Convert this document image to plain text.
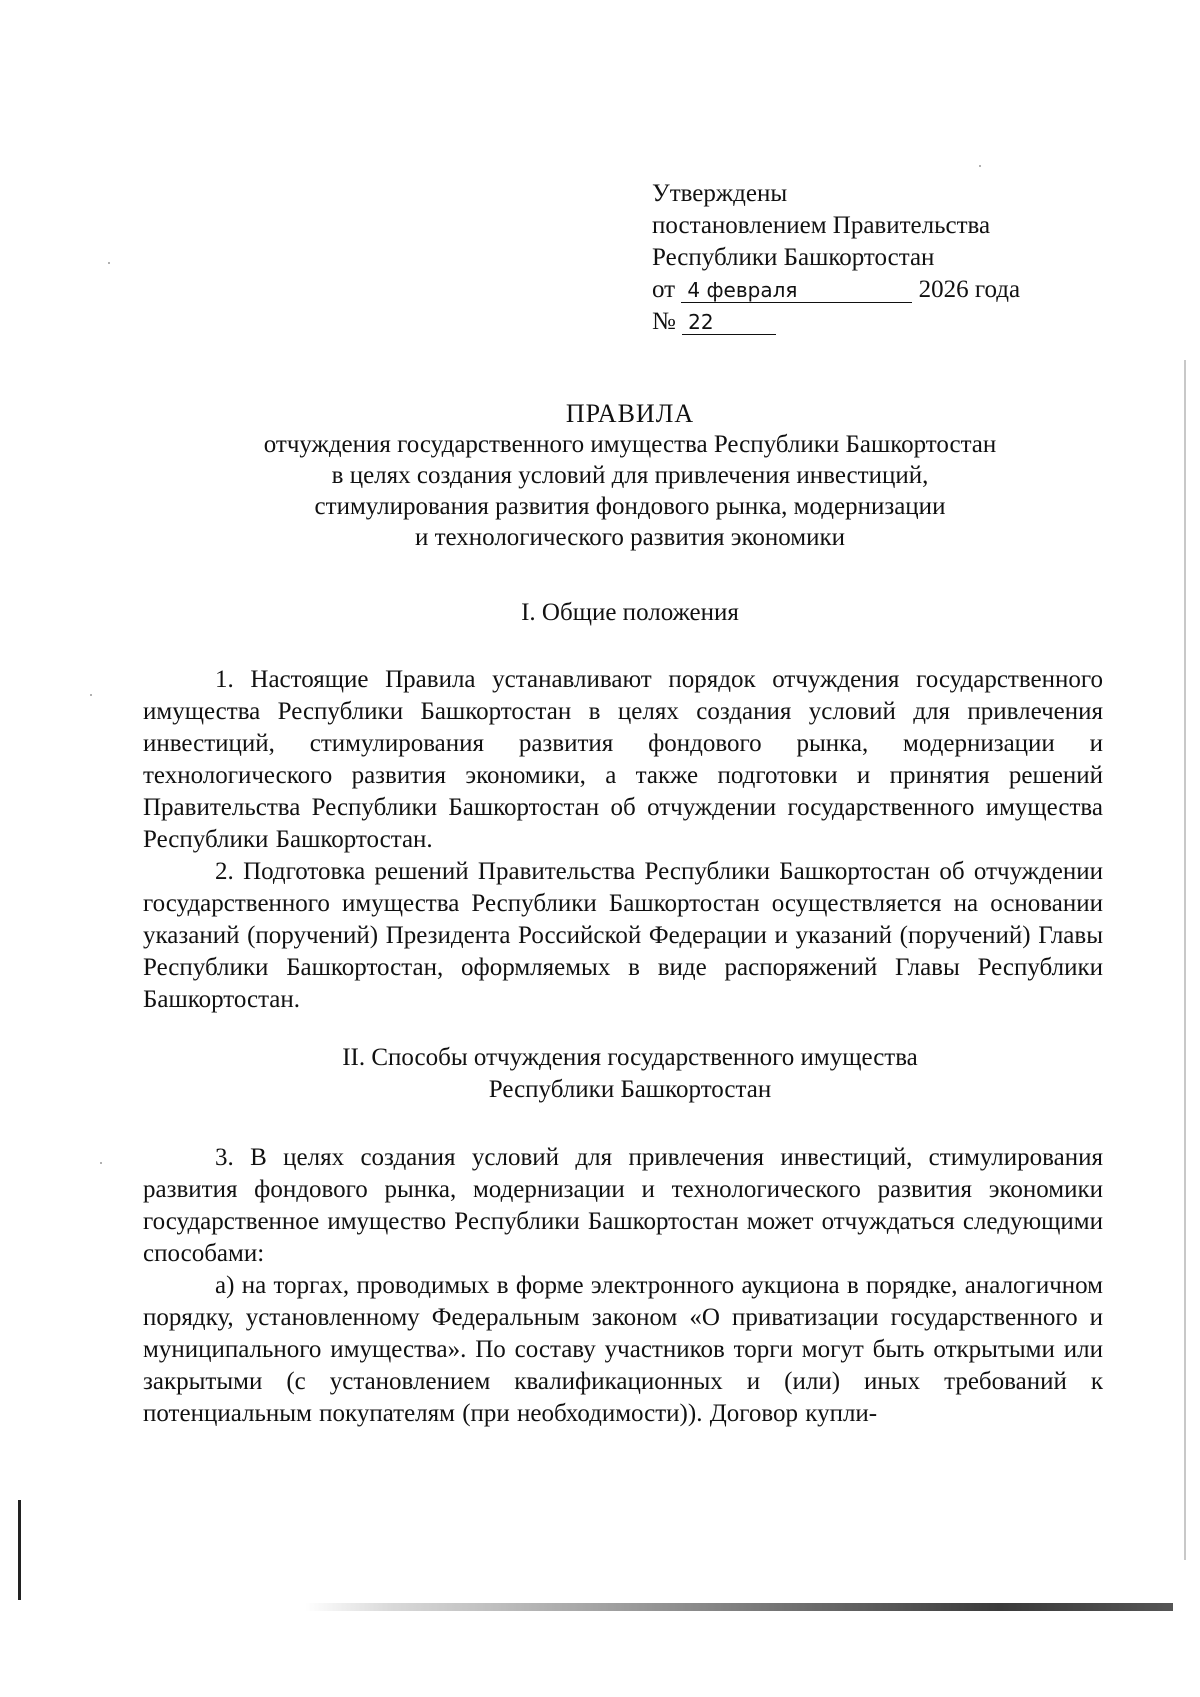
Утверждены
постановлением Правительства
Республики Башкортостан
от 4 февраля	2026 года
№ 22
ПРАВИЛА
отчуждения государственного имущества Республики Башкортостан
в целях создания условий для привлечения инвестиций,
стимулирования развития фондового рынка, модернизации
и технологического развития экономики
I. Общие положения
1. Настоящие Правила устанавливают порядок отчуждения государственного имущества Республики Башкортостан в целях создания условий для привлечения инвестиций, стимулирования развития фондового рынка, модернизации и технологического развития экономики, а также подготовки и принятия решений Правительства Республики Башкортостан об отчуждении государственного имущества Республики Башкортостан.
2. Подготовка решений Правительства Республики Башкортостан об отчуждении государственного имущества Республики Башкортостан осуществляется на основании указаний (поручений) Президента Российской Федерации и указаний (поручений) Главы Республики Башкортостан, оформляемых в виде распоряжений Главы Республики Башкортостан.
II. Способы отчуждения государственного имущества
Республики Башкортостан
3. В целях создания условий для привлечения инвестиций, стимулирования развития фондового рынка, модернизации и технологического развития экономики государственное имущество Республики Башкортостан может отчуждаться следующими способами:
а) на торгах, проводимых в форме электронного аукциона в порядке, аналогичном порядку, установленному Федеральным законом «О приватизации государственного и муниципального имущества». По составу участников торги могут быть открытыми или закрытыми (с установлением квалификационных и (или) иных требований к потенциальным покупателям (при необходимости)). Договор купли-
